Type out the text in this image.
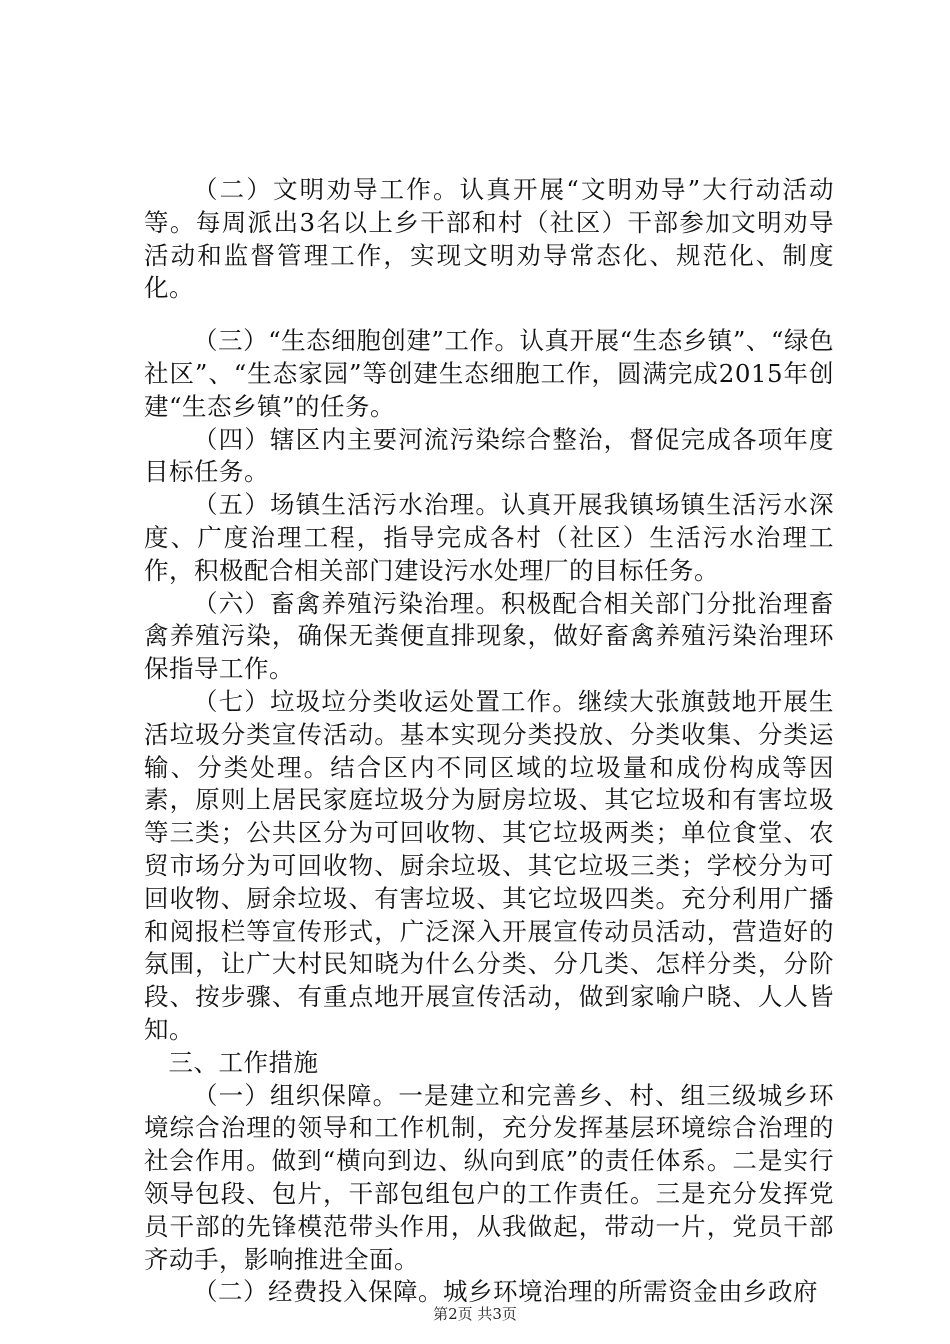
（二）文明劝导工作。认真开展“文明劝导”大行动活动等。每周派出3名以上乡干部和村（社区）干部参加文明劝导活动和监督管理工作，实现文明劝导常态化、规范化、制度化。

（三）“生态细胞创建”工作。认真开展“生态乡镇”、“绿色社区”、“生态家园”等创建生态细胞工作，圆满完成2015年创建“生态乡镇”的任务。

（四）辖区内主要河流污染综合整治，督促完成各项年度目标任务。

（五）场镇生活污水治理。认真开展我镇场镇生活污水深度、广度治理工程，指导完成各村（社区）生活污水治理工作，积极配合相关部门建设污水处理厂的目标任务。

（六）畜禽养殖污染治理。积极配合相关部门分批治理畜禽养殖污染，确保无粪便直排现象，做好畜禽养殖污染治理环保指导工作。

（七）垃圾垃分类收运处置工作。继续大张旗鼓地开展生活垃圾分类宣传活动。基本实现分类投放、分类收集、分类运输、分类处理。结合区内不同区域的垃圾量和成份构成等因素，原则上居民家庭垃圾分为厨房垃圾、其它垃圾和有害垃圾等三类；公共区分为可回收物、其它垃圾两类；单位食堂、农贸市场分为可回收物、厨余垃圾、其它垃圾三类；学校分为可回收物、厨余垃圾、有害垃圾、其它垃圾四类。充分利用广播和阅报栏等宣传形式，广泛深入开展宣传动员活动，营造好的氛围，让广大村民知晓为什么分类、分几类、怎样分类，分阶段、按步骤、有重点地开展宣传活动，做到家喻户晓、人人皆知。

三、工作措施

（一）组织保障。一是建立和完善乡、村、组三级城乡环境综合治理的领导和工作机制，充分发挥基层环境综合治理的社会作用。做到“横向到边、纵向到底”的责任体系。二是实行领导包段、包片，干部包组包户的工作责任。三是充分发挥党员干部的先锋模范带头作用，从我做起，带动一片，党员干部齐动手，影响推进全面。

（二）经费投入保障。城乡环境治理的所需资金由乡政府

第2页 共3页
